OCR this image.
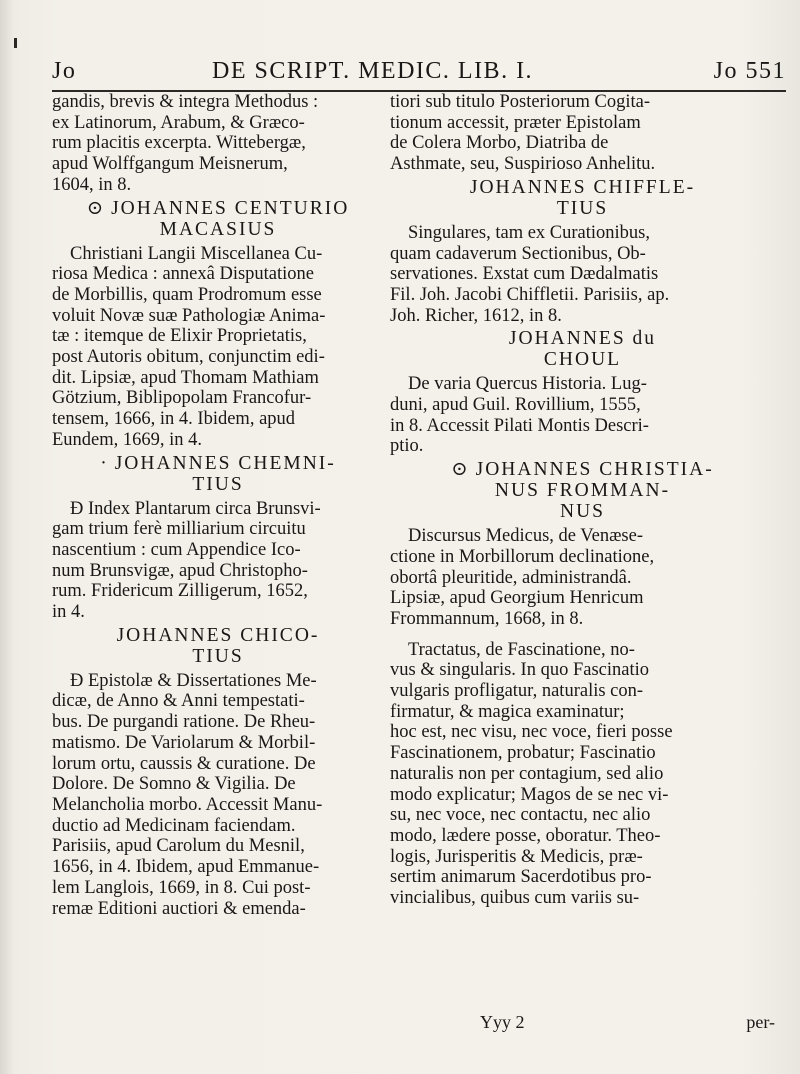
Jo	DE SCRIPT. MEDIC. LIB. I.	Jo 551
gandis, brevis & integra Methodus :
ex Latinorum, Arabum, & Græco-
rum placitis excerpta. Wittebergæ,
apud Wolffgangum Meisnerum,
1604, in 8.
⊙ JOHANNES CENTURIO
MACASIUS
Christiani Langii Miscellanea Cu-
riosa Medica : annexâ Disputatione
de Morbillis, quam Prodromum esse
voluit Novæ suæ Pathologiæ Anima-
tæ : itemque de Elixir Proprietatis,
post Autoris obitum, conjunctim edi-
dit. Lipsiæ, apud Thomam Mathiam
Götzium, Biblipopolam Francofur-
tensem, 1666, in 4. Ibidem, apud
Eundem, 1669, in 4.
· JOHANNES CHEMNI-
TIUS
Ɖ Index Plantarum circa Brunsvi-
gam trium ferè milliarium circuitu
nascentium : cum Appendice Ico-
num Brunsvigæ, apud Christopho-
rum. Fridericum Zilligerum, 1652,
in 4.
JOHANNES CHICO-
TIUS
Ɖ Epistolæ & Dissertationes Me-
dicæ, de Anno & Anni tempestati-
bus. De purgandi ratione. De Rheu-
matismo. De Variolarum & Morbil-
lorum ortu, caussis & curatione. De
Dolore. De Somno & Vigilia. De
Melancholia morbo. Accessit Manu-
ductio ad Medicinam faciendam.
Parisiis, apud Carolum du Mesnil,
1656, in 4. Ibidem, apud Emmanue-
lem Langlois, 1669, in 8. Cui post-
remæ Editioni auctiori & emenda-
tiori sub titulo Posteriorum Cogita-
tionum accessit, præter Epistolam
de Colera Morbo, Diatriba de
Asthmate, seu, Suspirioso Anhelitu.
JOHANNES CHIFFLE-
TIUS
Singulares, tam ex Curationibus,
quam cadaverum Sectionibus, Ob-
servationes. Exstat cum Dædalmatis
Fil. Joh. Jacobi Chiffletii. Parisiis, ap.
Joh. Richer, 1612, in 8.
JOHANNES du
CHOUL
De varia Quercus Historia. Lug-
duni, apud Guil. Rovillium, 1555,
in 8. Accessit Pilati Montis Descri-
ptio.
⊙ JOHANNES CHRISTIA-
NUS FROMMAN-
NUS
Discursus Medicus, de Venæse-
ctione in Morbillorum declinatione,
obortâ pleuritide, administrandâ.
Lipsiæ, apud Georgium Henricum
Frommannum, 1668, in 8.
Tractatus, de Fascinatione, no-
vus & singularis. In quo Fascinatio
vulgaris profligatur, naturalis con-
firmatur, & magica examinatur;
hoc est, nec visu, nec voce, fieri posse
Fascinationem, probatur; Fascinatio
naturalis non per contagium, sed alio
modo explicatur; Magos de se nec vi-
su, nec voce, nec contactu, nec alio
modo, lædere posse, oboratur. Theo-
logis, Jurisperitis & Medicis, præ-
sertim animarum Sacerdotibus pro-
vincialibus, quibus cum variis su-
Yyy 2	per-
